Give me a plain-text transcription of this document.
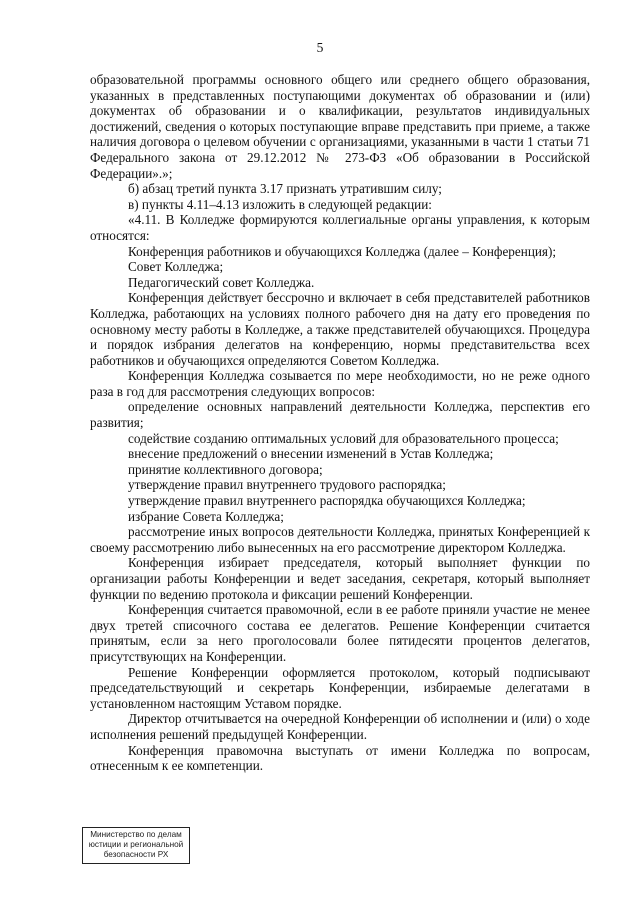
5

образовательной программы основного общего или среднего общего образования, указанных в представленных поступающими документах об образовании и (или) документах об образовании и о квалификации, результатов индивидуальных достижений, сведения о которых поступающие вправе представить при приеме, а также наличия договора о целевом обучении с организациями, указанными в части 1 статьи 71 Федерального закона от 29.12.2012 № 273-ФЗ «Об образовании в Российской Федерации».»;

б) абзац третий пункта 3.17 признать утратившим силу;

в) пункты 4.11–4.13 изложить в следующей редакции:

«4.11. В Колледже формируются коллегиальные органы управления, к которым относятся:

Конференция работников и обучающихся Колледжа (далее – Конференция);

Совет Колледжа;

Педагогический совет Колледжа.

Конференция действует бессрочно и включает в себя представителей работников Колледжа, работающих на условиях полного рабочего дня на дату его проведения по основному месту работы в Колледже, а также представителей обучающихся. Процедура и порядок избрания делегатов на конференцию, нормы представительства всех работников и обучающихся определяются Советом Колледжа.

Конференция Колледжа созывается по мере необходимости, но не реже одного раза в год для рассмотрения следующих вопросов:

определение основных направлений деятельности Колледжа, перспектив его развития;

содействие созданию оптимальных условий для образовательного процесса;

внесение предложений о внесении изменений в Устав Колледжа;

принятие коллективного договора;

утверждение правил внутреннего трудового распорядка;

утверждение правил внутреннего распорядка обучающихся Колледжа;

избрание Совета Колледжа;

рассмотрение иных вопросов деятельности Колледжа, принятых Конференцией к своему рассмотрению либо вынесенных на его рассмотрение директором Колледжа.

Конференция избирает председателя, который выполняет функции по организации работы Конференции и ведет заседания, секретаря, который выполняет функции по ведению протокола и фиксации решений Конференции.

Конференция считается правомочной, если в ее работе приняли участие не менее двух третей списочного состава ее делегатов. Решение Конференции считается принятым, если за него проголосовали более пятидесяти процентов делегатов, присутствующих на Конференции.

Решение Конференции оформляется протоколом, который подписывают председательствующий и секретарь Конференции, избираемые делегатами в установленном настоящим Уставом порядке.

Директор отчитывается на очередной Конференции об исполнении и (или) о ходе исполнения решений предыдущей Конференции.

Конференция правомочна выступать от имени Колледжа по вопросам, отнесенным к ее компетенции.

Министерство по делам
юстиции и региональной
безопасности РХ
